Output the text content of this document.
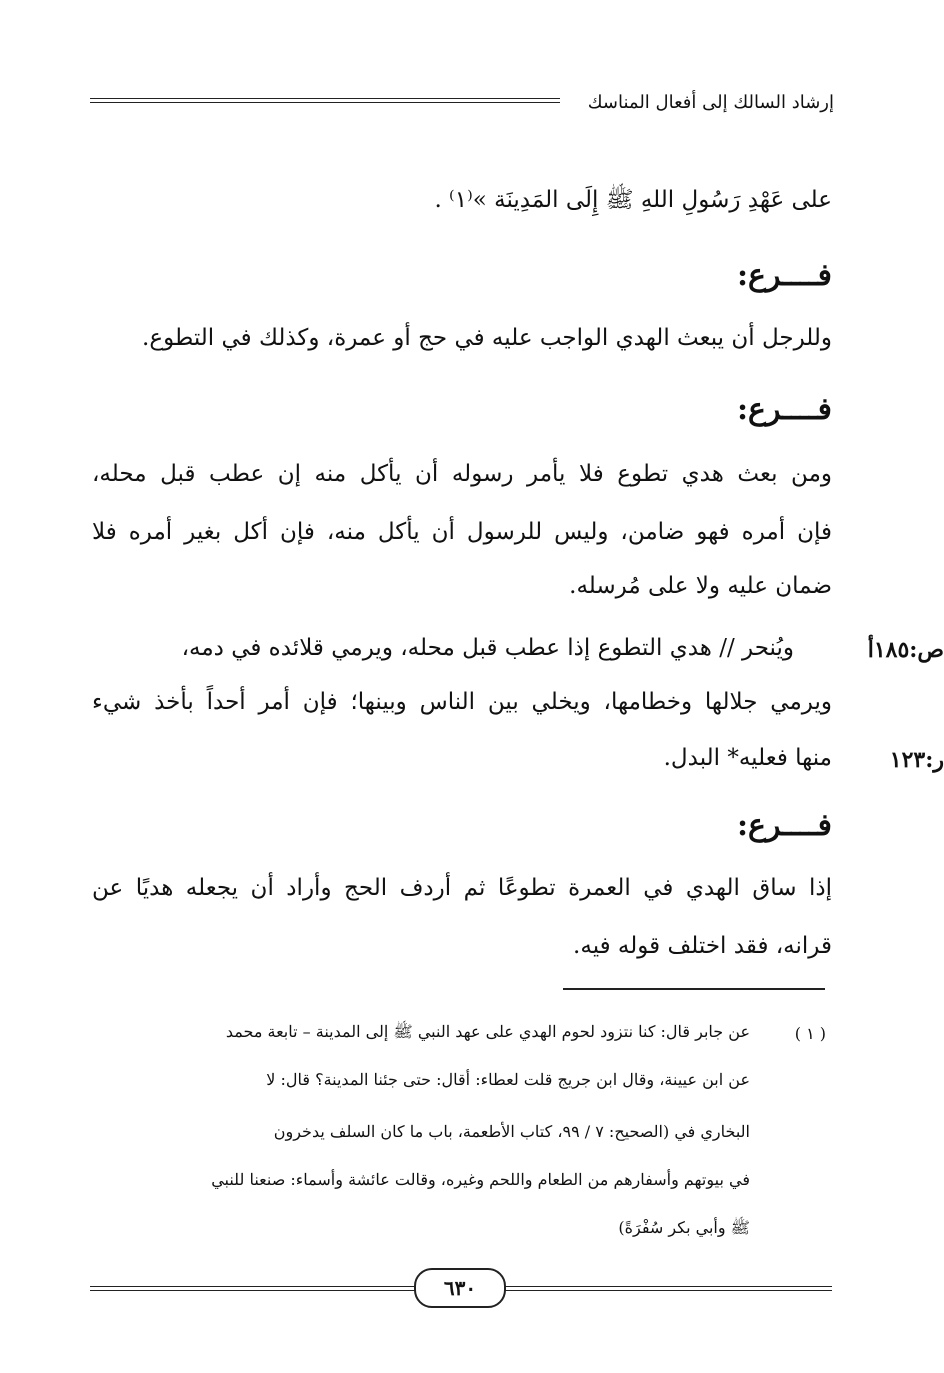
إرشاد السالك إلى أفعال المناسك
على عَهْدِ رَسُولِ اللهِ ﷺ إِلَى المَدِينَة »⁽١⁾ .
فــــرع:
وللرجل أن يبعث الهدي الواجب عليه في حج أو عمرة، وكذلك في التطوع.
فــــرع:
ومن بعث هدي تطوع فلا يأمر رسوله أن يأكل منه إن عطب قبل محله،
فإن أمره فهو ضامن، وليس للرسول أن يأكل منه، فإن أكل بغير أمره فلا
ضمان عليه ولا على مُرسله.
ويُنحر // هدي التطوع إذا عطب قبل محله، ويرمي قلائده في دمه،	ص:١٨٥أ
ويرمي جلالها وخطامها، ويخلي بين الناس وبينها؛ فإن أمر أحداً بأخذ شيء
منها فعليه* البدل.	ر:١٢٣
فــــرع:
إذا ساق الهدي في العمرة تطوعًا ثم أردف الحج وأراد أن يجعله هديًا عن
قرانه، فقد اختلف قوله فيه.
( ١ )
عن جابر قال: كنا نتزود لحوم الهدي على عهد النبي ﷺ إلى المدينة – تابعة محمد
عن ابن عيينة، وقال ابن جريج قلت لعطاء: أقال: حتى جئنا المدينة؟ قال: لا
البخاري في (الصحيح: ٧ / ٩٩، كتاب الأطعمة، باب ما كان السلف يدخرون
في بيوتهم وأسفارهم من الطعام واللحم وغيره، وقالت عائشة وأسماء: صنعنا للنبي
ﷺ وأبي بكر سُفْرَةً)
٦٣٠
